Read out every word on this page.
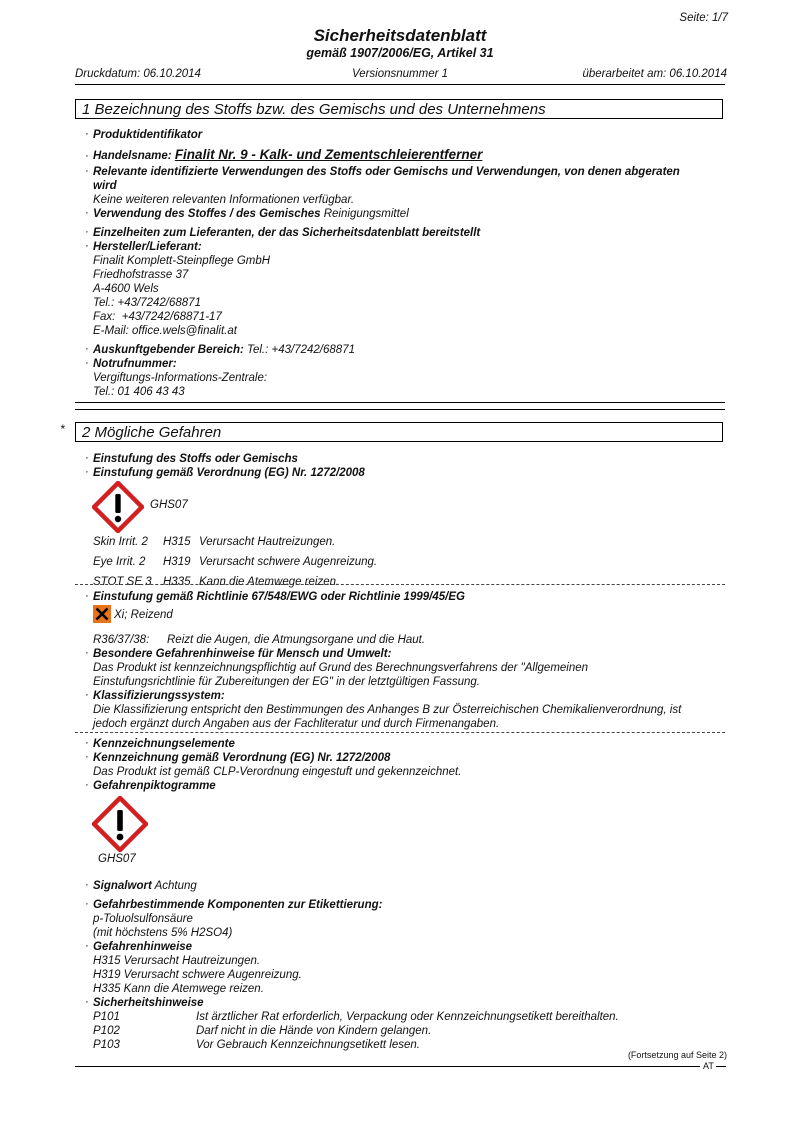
Seite: 1/7
Sicherheitsdatenblatt
gemäß 1907/2006/EG, Artikel 31
Druckdatum: 06.10.2014	Versionsnummer 1	überarbeitet am: 06.10.2014
1 Bezeichnung des Stoffs bzw. des Gemischs und des Unternehmens
· Produktidentifikator
· Handelsname: Finalit Nr. 9 - Kalk- und Zementschleierentferner
· Relevante identifizierte Verwendungen des Stoffs oder Gemischs und Verwendungen, von denen abgeraten
wird
Keine weiteren relevanten Informationen verfügbar.
· Verwendung des Stoffes / des Gemisches Reinigungsmittel
· Einzelheiten zum Lieferanten, der das Sicherheitsdatenblatt bereitstellt
· Hersteller/Lieferant:
Finalit Komplett-Steinpflege GmbH
Friedhofstrasse 37
A-4600 Wels
Tel.: +43/7242/68871
Fax:  +43/7242/68871-17
E-Mail: office.wels@finalit.at
· Auskunftgebender Bereich: Tel.: +43/7242/68871
· Notrufnummer:
Vergiftungs-Informations-Zentrale:
Tel.: 01 406 43 43
*	2 Mögliche Gefahren
· Einstufung des Stoffs oder Gemischs
· Einstufung gemäß Verordnung (EG) Nr. 1272/2008
GHS07
Skin Irrit. 2 H315 Verursacht Hautreizungen.
Eye Irrit. 2 H319 Verursacht schwere Augenreizung.
STOT SE 3 H335 Kann die Atemwege reizen.
· Einstufung gemäß Richtlinie 67/548/EWG oder Richtlinie 1999/45/EG
Xi; Reizend
R36/37/38: Reizt die Augen, die Atmungsorgane und die Haut.
· Besondere Gefahrenhinweise für Mensch und Umwelt:
Das Produkt ist kennzeichnungspflichtig auf Grund des Berechnungsverfahrens der "Allgemeinen
Einstufungsrichtlinie für Zubereitungen der EG" in der letztgültigen Fassung.
· Klassifizierungssystem:
Die Klassifizierung entspricht den Bestimmungen des Anhanges B zur Österreichischen Chemikalienverordnung, ist
jedoch ergänzt durch Angaben aus der Fachliteratur und durch Firmenangaben.
· Kennzeichnungselemente
· Kennzeichnung gemäß Verordnung (EG) Nr. 1272/2008
Das Produkt ist gemäß CLP-Verordnung eingestuft und gekennzeichnet.
· Gefahrenpiktogramme
GHS07
· Signalwort Achtung
· Gefahrbestimmende Komponenten zur Etikettierung:
p-Toluolsulfonsäure
(mit höchstens 5% H2SO4)
· Gefahrenhinweise
H315 Verursacht Hautreizungen.
H319 Verursacht schwere Augenreizung.
H335 Kann die Atemwege reizen.
· Sicherheitshinweise
P101	Ist ärztlicher Rat erforderlich, Verpackung oder Kennzeichnungsetikett bereithalten.
P102	Darf nicht in die Hände von Kindern gelangen.
P103	Vor Gebrauch Kennzeichnungsetikett lesen.
(Fortsetzung auf Seite 2)
AT
